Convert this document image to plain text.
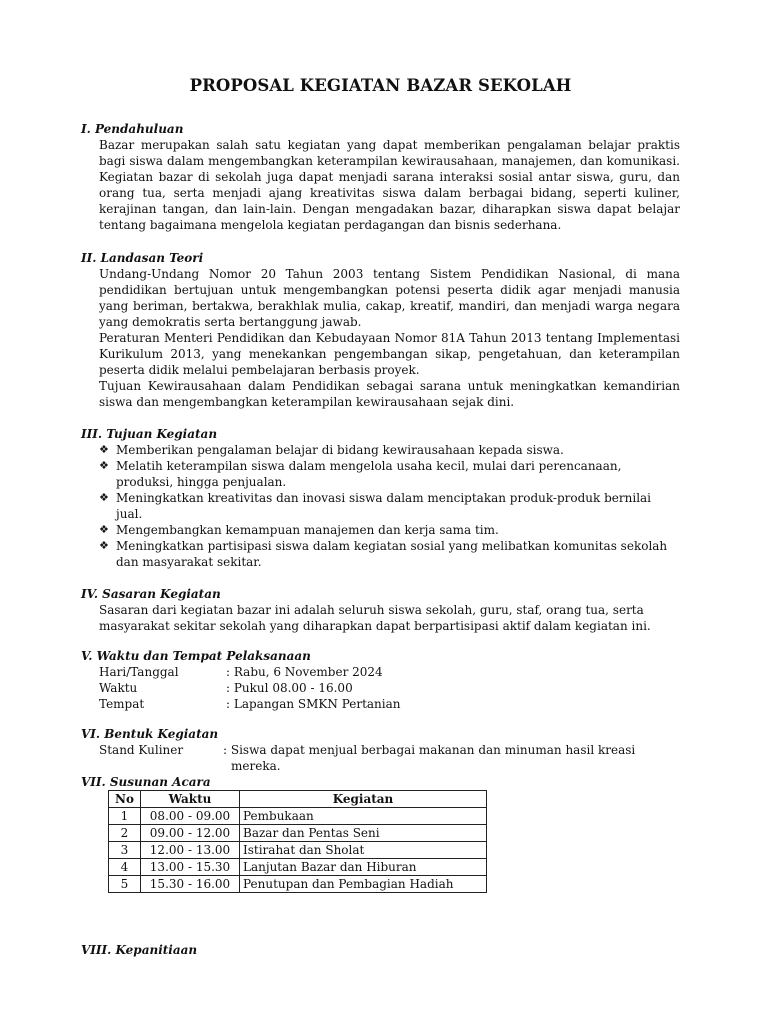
PROPOSAL KEGIATAN BAZAR SEKOLAH

I. Pendahuluan

Bazar merupakan salah satu kegiatan yang dapat memberikan pengalaman belajar praktis bagi siswa dalam mengembangkan keterampilan kewirausahaan, manajemen, dan komunikasi. Kegiatan bazar di sekolah juga dapat menjadi sarana interaksi sosial antar siswa, guru, dan orang tua, serta menjadi ajang kreativitas siswa dalam berbagai bidang, seperti kuliner, kerajinan tangan, dan lain-lain. Dengan mengadakan bazar, diharapkan siswa dapat belajar tentang bagaimana mengelola kegiatan perdagangan dan bisnis sederhana.

II. Landasan Teori

Undang-Undang Nomor 20 Tahun 2003 tentang Sistem Pendidikan Nasional, di mana pendidikan bertujuan untuk mengembangkan potensi peserta didik agar menjadi manusia yang beriman, bertakwa, berakhlak mulia, cakap, kreatif, mandiri, dan menjadi warga negara yang demokratis serta bertanggung jawab.

Peraturan Menteri Pendidikan dan Kebudayaan Nomor 81A Tahun 2013 tentang Implementasi Kurikulum 2013, yang menekankan pengembangan sikap, pengetahuan, dan keterampilan peserta didik melalui pembelajaran berbasis proyek.

Tujuan Kewirausahaan dalam Pendidikan sebagai sarana untuk meningkatkan kemandirian siswa dan mengembangkan keterampilan kewirausahaan sejak dini.

III. Tujuan Kegiatan

❖ Memberikan pengalaman belajar di bidang kewirausahaan kepada siswa.
❖ Melatih keterampilan siswa dalam mengelola usaha kecil, mulai dari perencanaan, produksi, hingga penjualan.
❖ Meningkatkan kreativitas dan inovasi siswa dalam menciptakan produk-produk bernilai jual.
❖ Mengembangkan kemampuan manajemen dan kerja sama tim.
❖ Meningkatkan partisipasi siswa dalam kegiatan sosial yang melibatkan komunitas sekolah dan masyarakat sekitar.

IV. Sasaran Kegiatan

Sasaran dari kegiatan bazar ini adalah seluruh siswa sekolah, guru, staf, orang tua, serta masyarakat sekitar sekolah yang diharapkan dapat berpartisipasi aktif dalam kegiatan ini.

V. Waktu dan Tempat Pelaksanaan

Hari/Tanggal	: Rabu, 6 November 2024
Waktu	: Pukul 08.00 - 16.00
Tempat	: Lapangan SMKN Pertanian

VI. Bentuk Kegiatan

Stand Kuliner	: Siswa dapat menjual berbagai makanan dan minuman hasil kreasi
mereka.

VII. Susunan Acara

No	Waktu	Kegiatan
1	08.00 - 09.00	Pembukaan
2	09.00 - 12.00	Bazar dan Pentas Seni
3	12.00 - 13.00	Istirahat dan Sholat
4	13.00 - 15.30	Lanjutan Bazar dan Hiburan
5	15.30 - 16.00	Penutupan dan Pembagian Hadiah

VIII. Kepanitiaan
